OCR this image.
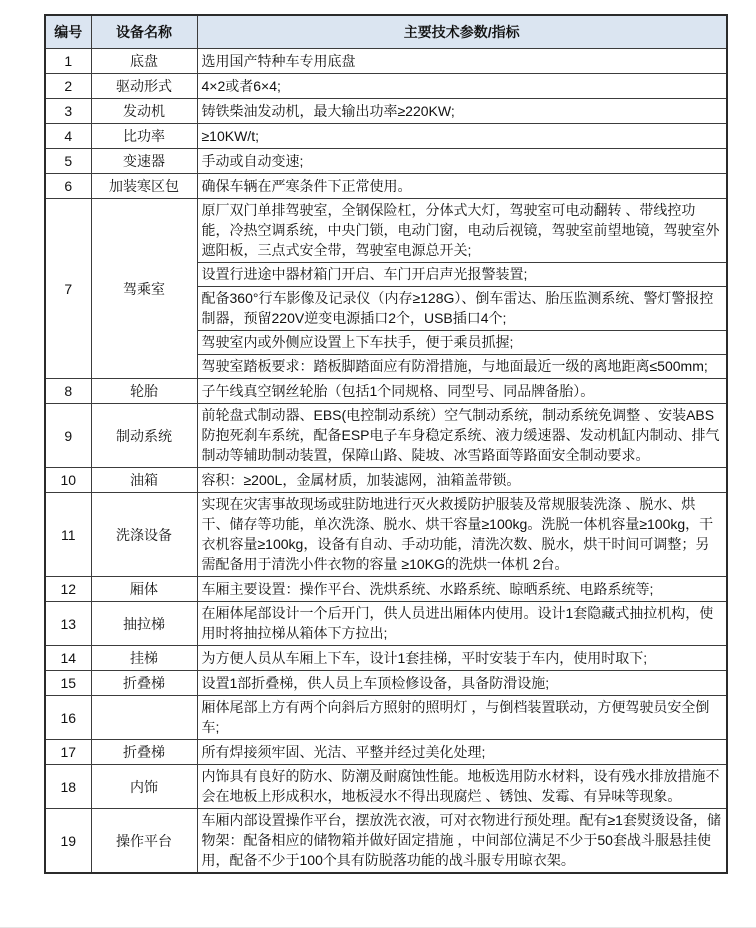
编号	设备名称	主要技术参数/指标
1	底盘	选用国产特种车专用底盘
2	驱动形式	4×2或者6×4;
3	发动机	铸铁柴油发动机，最大输出功率≥220KW;
4	比功率	≥10KW/t;
5	变速器	手动或自动变速;
6	加装寒区包	确保车辆在严寒条件下正常使用。
7	驾乘室	原厂双门单排驾驶室，全钢保险杠，分体式大灯，驾驶室可电动翻转 、带线控功能，冷热空调系统，中央门锁，电动门窗，电动后视镜，驾驶室前望地镜，驾驶室外遮阳板，三点式安全带，驾驶室电源总开关;
		设置行进途中器材箱门开启、车门开启声光报警装置;
		配备360°行车影像及记录仪（内存≥128G）、倒车雷达、胎压监测系统、警灯警报控制器，预留220V逆变电源插口2个，USB插口4个;
		驾驶室内或外侧应设置上下车扶手，便于乘员抓握;
		驾驶室踏板要求：踏板脚踏面应有防滑措施，与地面最近一级的离地距离≤500mm;
8	轮胎	子午线真空钢丝轮胎（包括1个同规格、同型号、同品牌备胎）。
9	制动系统	前轮盘式制动器、EBS(电控制动系统）空气制动系统，制动系统免调整 、安装ABS防抱死刹车系统，配备ESP电子车身稳定系统、液力缓速器、发动机缸内制动、排气制动等辅助制动装置，保障山路、陡坡、冰雪路面等路面安全制动要求。
10	油箱	容积：≥200L，金属材质，加装滤网，油箱盖带锁。
11	洗涤设备	实现在灾害事故现场或驻防地进行灭火救援防护服装及常规服装洗涤 、脱水、烘干、储存等功能，单次洗涤、脱水、烘干容量≥100kg。洗脱一体机容量≥100kg，干衣机容量≥100kg，设备有自动、手动功能，清洗次数、脱水，烘干时间可调整；另需配备用于清洗小件衣物的容量 ≥10KG的洗烘一体机 2台。
12	厢体	车厢主要设置：操作平台、洗烘系统、水路系统、晾晒系统、电路系统等;
13	抽拉梯	在厢体尾部设计一个后开门，供人员进出厢体内使用。设计1套隐藏式抽拉机构，使用时将抽拉梯从箱体下方拉出;
14	挂梯	为方便人员从车厢上下车，设计1套挂梯，平时安装于车内，使用时取下;
15	折叠梯	设置1部折叠梯，供人员上车顶检修设备，具备防滑设施;
16		厢体尾部上方有两个向斜后方照射的照明灯 ，与倒档装置联动，方便驾驶员安全倒车;
17	折叠梯	所有焊接须牢固、光洁、平整并经过美化处理;
18	内饰	内饰具有良好的防水、防潮及耐腐蚀性能。地板选用防水材料，设有残水排放措施不会在地板上形成积水，地板浸水不得出现腐烂 、锈蚀、发霉、有异味等现象。
19	操作平台	车厢内部设置操作平台，摆放洗衣液，可对衣物进行预处理。配有≥1套熨烫设备，储物架：配备相应的储物箱并做好固定措施 ，中间部位满足不少于50套战斗服悬挂使用，配备不少于100个具有防脱落功能的战斗服专用晾衣架。
